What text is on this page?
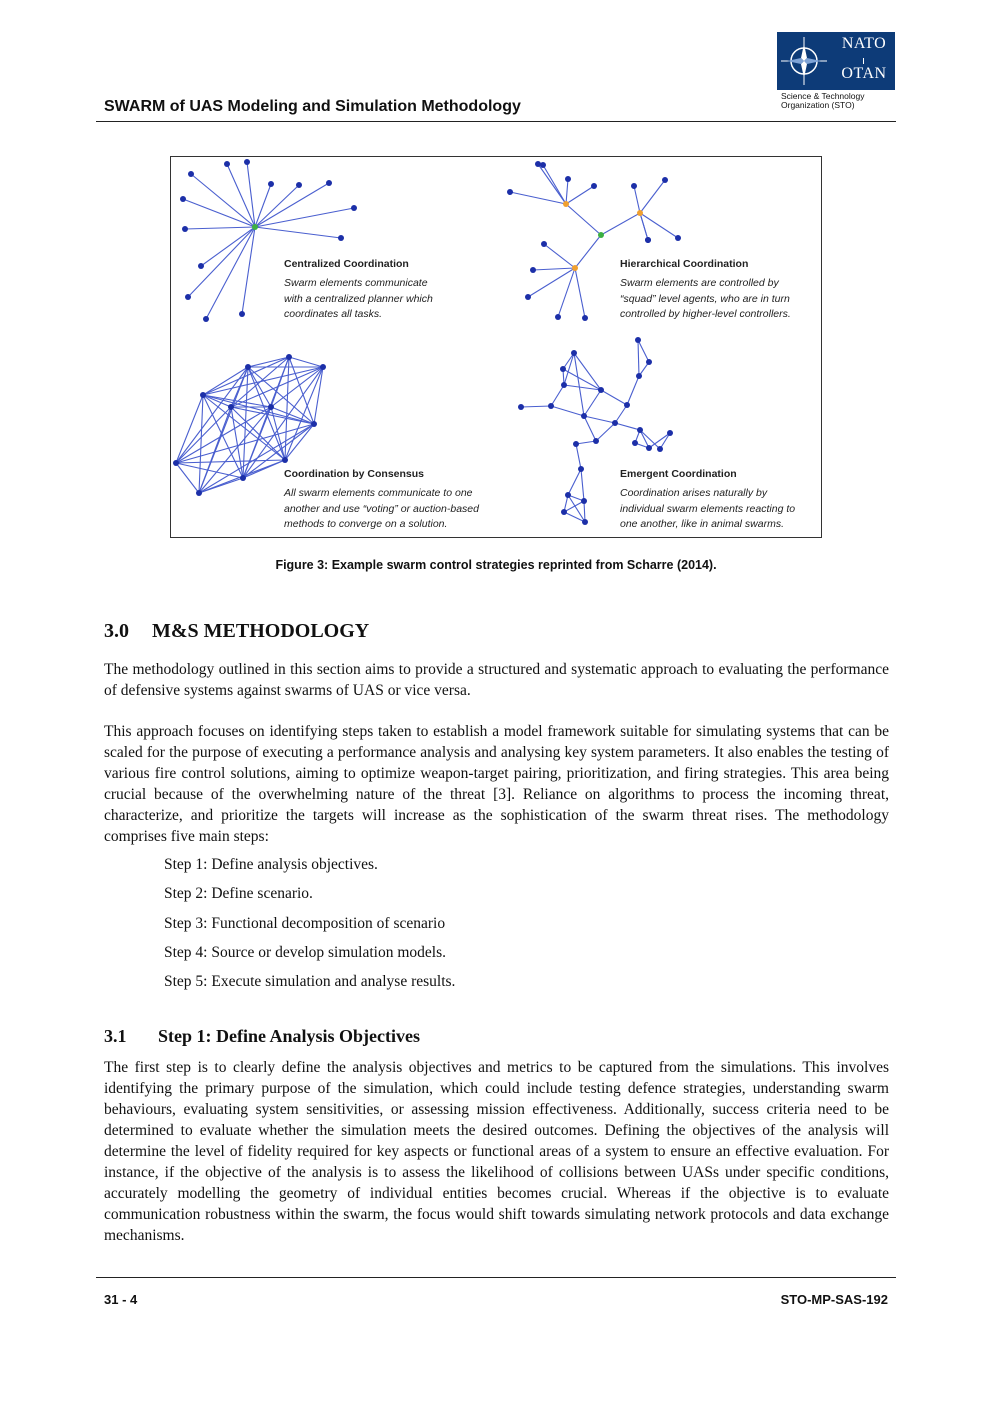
SWARM of UAS Modeling and Simulation Methodology
NATO
OTAN
Science & Technology
Organization (STO)
Centralized Coordination
Swarm elements communicate
with a centralized planner which
coordinates all tasks.
Hierarchical Coordination
Swarm elements are controlled by
“squad” level agents, who are in turn
controlled by higher-level controllers.
Coordination by Consensus
All swarm elements communicate to one
another and use “voting” or auction-based
methods to converge on a solution.
Emergent Coordination
Coordination arises naturally by
individual swarm elements reacting to
one another, like in animal swarms.
Figure 3: Example swarm control strategies reprinted from Scharre (2014).
3.0 M&S METHODOLOGY
The methodology outlined in this section aims to provide a structured and systematic approach to evaluating the performance of defensive systems against swarms of UAS or vice versa.
This approach focuses on identifying steps taken to establish a model framework suitable for simulating systems that can be scaled for the purpose of executing a performance analysis and analysing key system parameters. It also enables the testing of various fire control solutions, aiming to optimize weapon-target pairing, prioritization, and firing strategies. This area being crucial because of the overwhelming nature of the threat [3]. Reliance on algorithms to process the incoming threat, characterize, and prioritize the targets will increase as the sophistication of the swarm threat rises. The methodology comprises five main steps:
Step 1: Define analysis objectives.
Step 2: Define scenario.
Step 3: Functional decomposition of scenario
Step 4: Source or develop simulation models.
Step 5: Execute simulation and analyse results.
3.1 Step 1: Define Analysis Objectives
The first step is to clearly define the analysis objectives and metrics to be captured from the simulations. This involves identifying the primary purpose of the simulation, which could include testing defence strategies, understanding swarm behaviours, evaluating system sensitivities, or assessing mission effectiveness. Additionally, success criteria need to be determined to evaluate whether the simulation meets the desired outcomes. Defining the objectives of the analysis will determine the level of fidelity required for key aspects or functional areas of a system to ensure an effective evaluation. For instance, if the objective of the analysis is to assess the likelihood of collisions between UASs under specific conditions, accurately modelling the geometry of individual entities becomes crucial. Whereas if the objective is to evaluate communication robustness within the swarm, the focus would shift towards simulating network protocols and data exchange mechanisms.
31 - 4	STO-MP-SAS-192
